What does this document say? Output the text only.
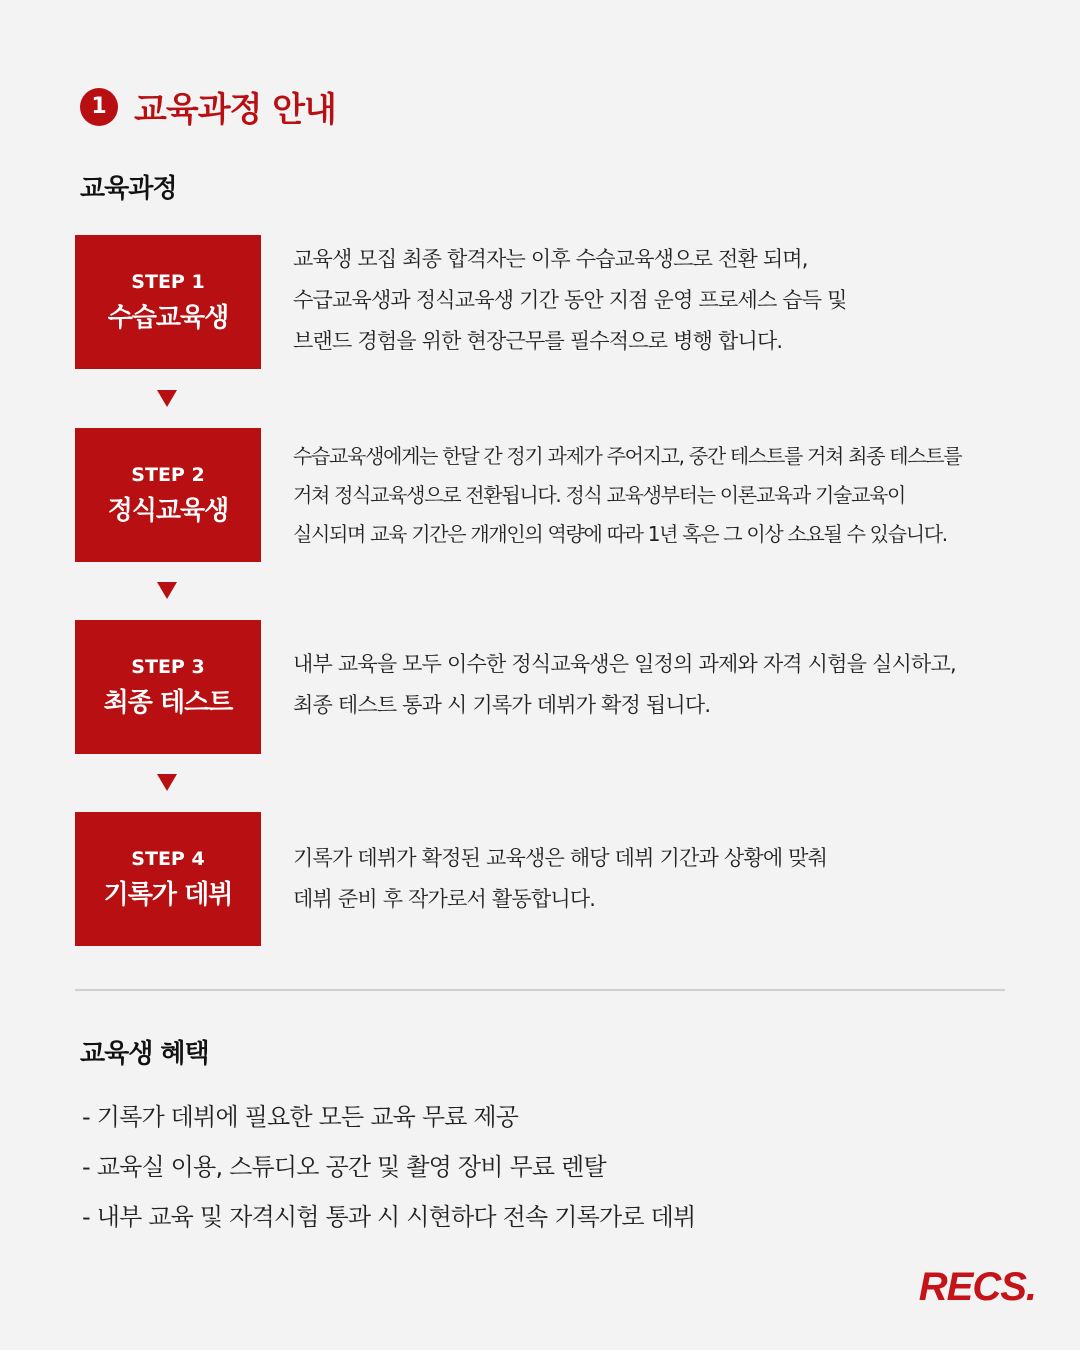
1 교육과정 안내
교육과정
STEP 1
수습교육생
교육생 모집 최종 합격자는 이후 수습교육생으로 전환 되며,
수급교육생과 정식교육생 기간 동안 지점 운영 프로세스 습득 및
브랜드 경험을 위한 현장근무를 필수적으로 병행 합니다.
STEP 2
정식교육생
수습교육생에게는 한달 간 정기 과제가 주어지고, 중간 테스트를 거쳐 최종 테스트를
거쳐 정식교육생으로 전환됩니다. 정식 교육생부터는 이론교육과 기술교육이
실시되며 교육 기간은 개개인의 역량에 따라 1년 혹은 그 이상 소요될 수 있습니다.
STEP 3
최종 테스트
내부 교육을 모두 이수한 정식교육생은 일정의 과제와 자격 시험을 실시하고,
최종 테스트 통과 시 기록가 데뷔가 확정 됩니다.
STEP 4
기록가 데뷔
기록가 데뷔가 확정된 교육생은 해당 데뷔 기간과 상황에 맞춰
데뷔 준비 후 작가로서 활동합니다.
교육생 혜택
- 기록가 데뷔에 필요한 모든 교육 무료 제공
- 교육실 이용, 스튜디오 공간 및 촬영 장비 무료 렌탈
- 내부 교육 및 자격시험 통과 시 시현하다 전속 기록가로 데뷔
RECS.
